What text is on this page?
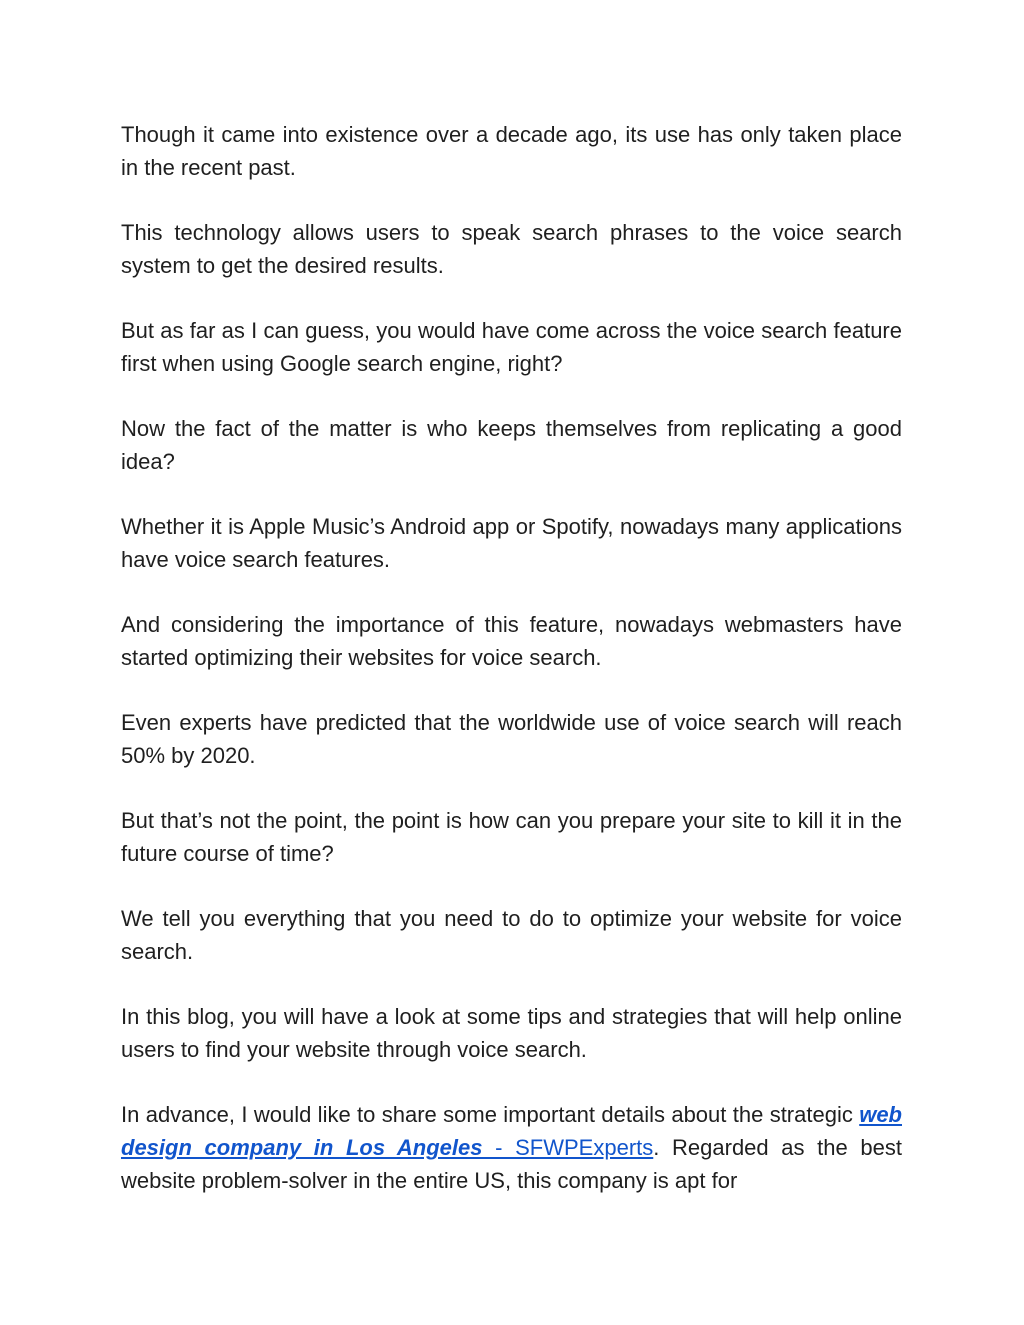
Though it came into existence over a decade ago, its use has only taken place in the recent past.

This technology allows users to speak search phrases to the voice search system to get the desired results.

But as far as I can guess, you would have come across the voice search feature first when using Google search engine, right?

Now the fact of the matter is who keeps themselves from replicating a good idea?

Whether it is Apple Music’s Android app or Spotify, nowadays many applications have voice search features.

And considering the importance of this feature, nowadays webmasters have started optimizing their websites for voice search.

Even experts have predicted that the worldwide use of voice search will reach 50% by 2020.

But that’s not the point, the point is how can you prepare your site to kill it in the future course of time?

We tell you everything that you need to do to optimize your website for voice search.

In this blog, you will have a look at some tips and strategies that will help online users to find your website through voice search.

In advance, I would like to share some important details about the strategic web design company in Los Angeles - SFWPExperts. Regarded as the best website problem-solver in the entire US, this company is apt for
